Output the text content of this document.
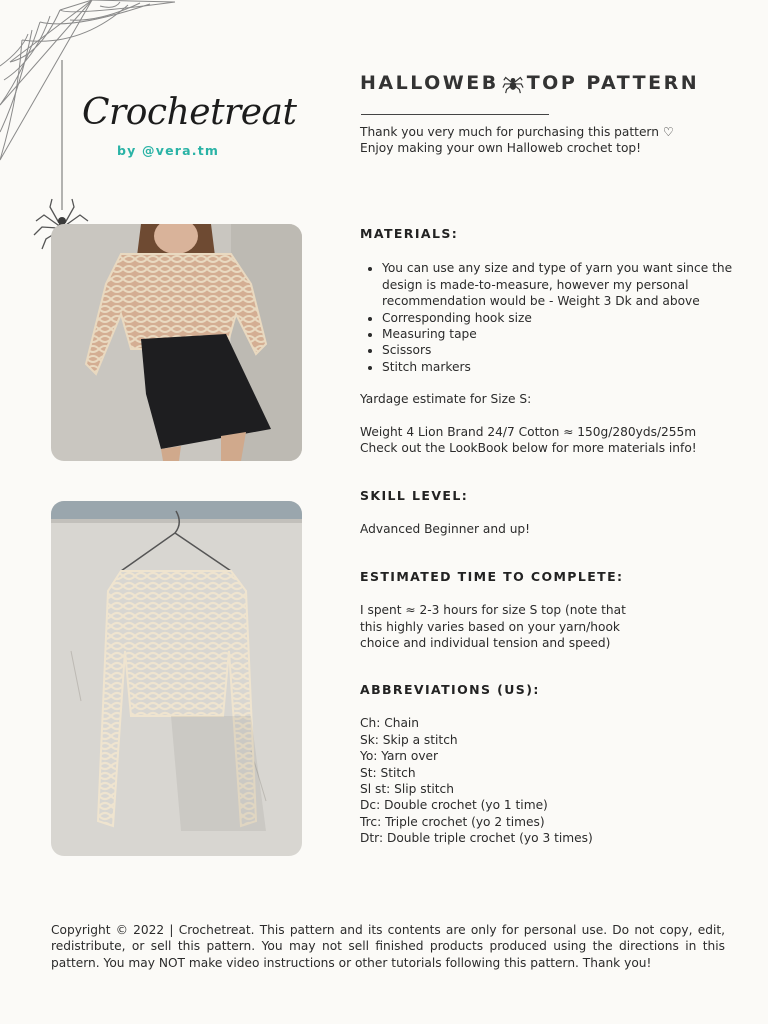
Crochetreat
by @vera.tm
HALLOWEB TOP PATTERN
Thank you very much for purchasing this pattern ♡
Enjoy making your own Halloweb crochet top!

MATERIALS:

• You can use any size and type of yarn you want since the design is made-to-measure, however my personal recommendation would be - Weight 3 Dk and above
• Corresponding hook size
• Measuring tape
• Scissors
• Stitch markers
Yardage estimate for Size S:
Weight 4 Lion Brand 24/7 Cotton ≈ 150g/280yds/255m
Check out the LookBook below for more materials info!

SKILL LEVEL:

Advanced Beginner and up!

ESTIMATED TIME TO COMPLETE:

I spent ≈ 2-3 hours for size S top (note that
this highly varies based on your yarn/hook
choice and individual tension and speed)

ABBREVIATIONS (US):

Ch: Chain
Sk: Skip a stitch
Yo: Yarn over
St: Stitch
Sl st: Slip stitch
Dc: Double crochet (yo 1 time)
Trc: Triple crochet (yo 2 times)
Dtr: Double triple crochet (yo 3 times)
Copyright © 2022 | Crochetreat. This pattern and its contents are only for personal use. Do not copy, edit, redistribute, or sell this pattern. You may not sell finished products produced using the directions in this pattern. You may NOT make video instructions or other tutorials following this pattern. Thank you!
